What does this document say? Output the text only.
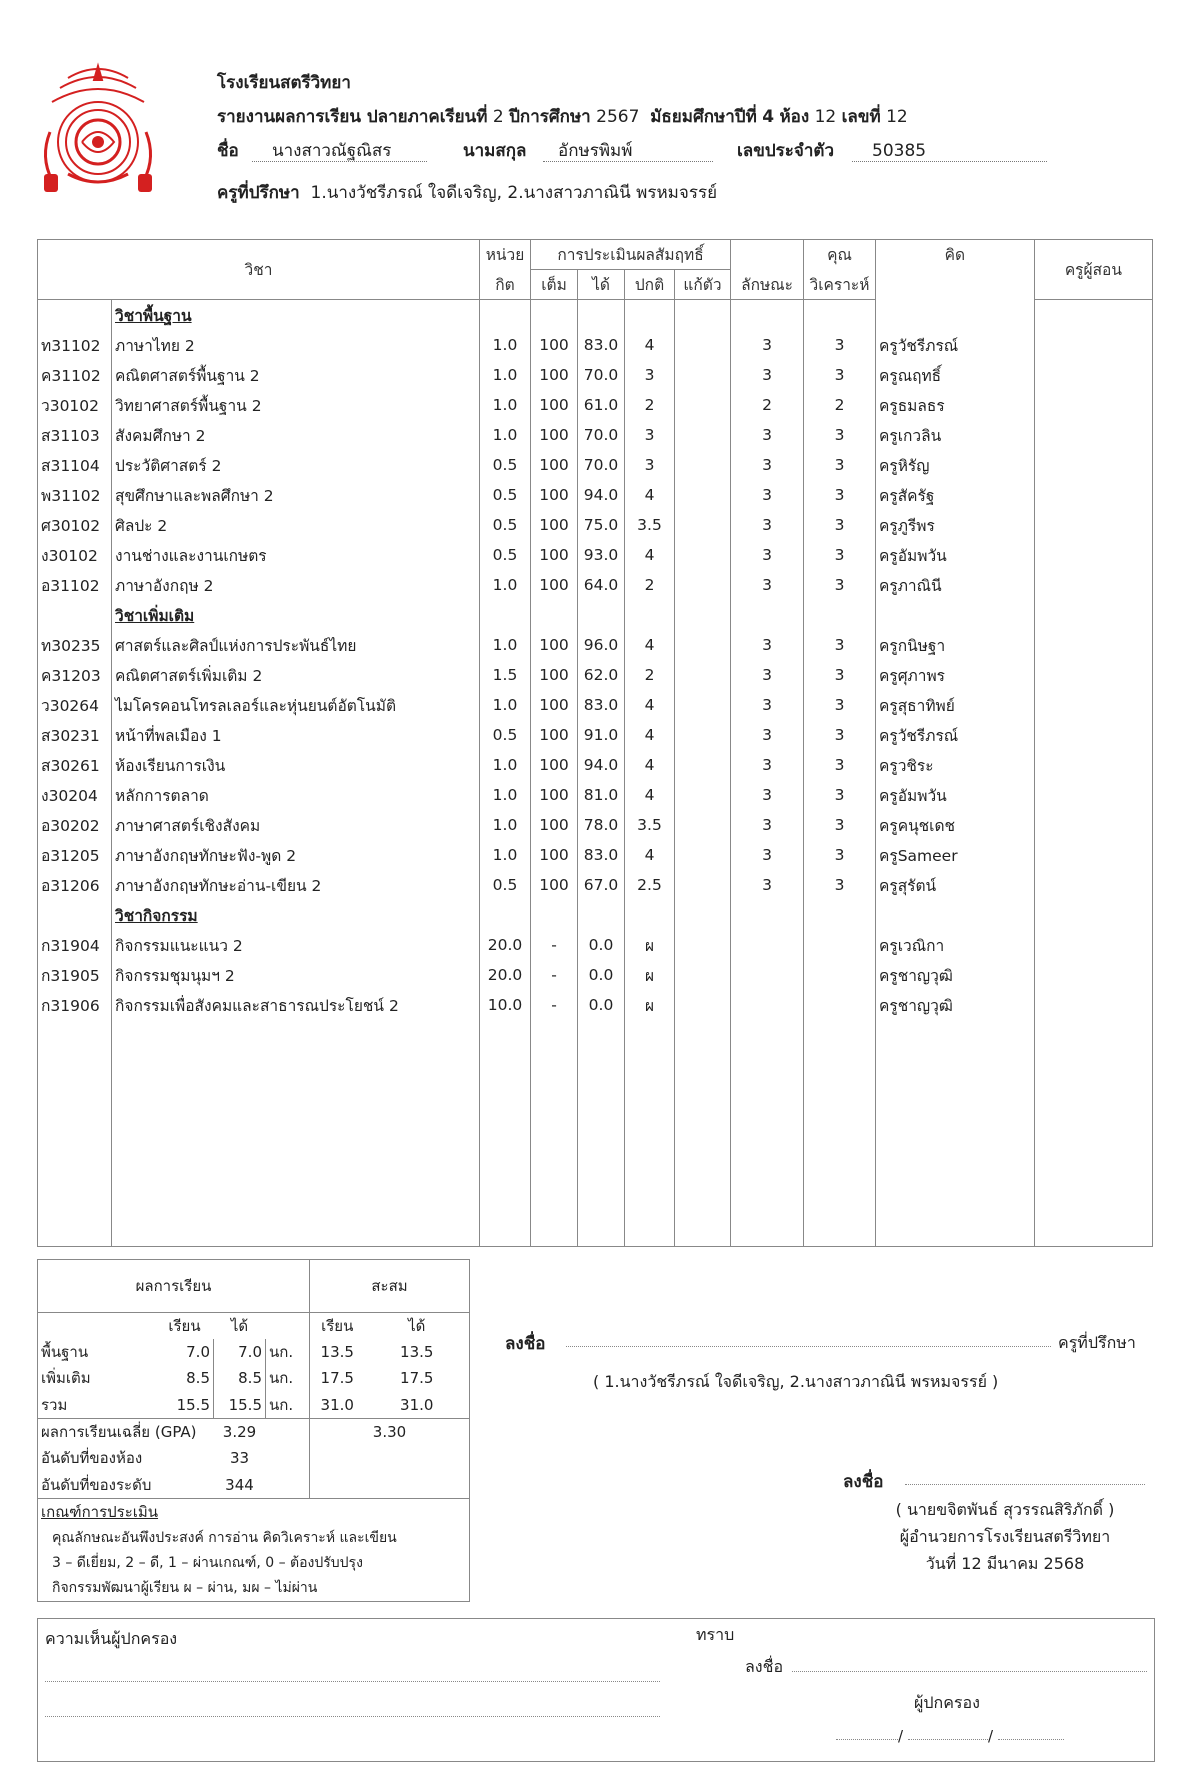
โรงเรียนสตรีวิทยา
รายงานผลการเรียน ปลายภาคเรียนที่ 2 ปีการศึกษา 2567 มัธยมศึกษาปีที่ 4 ห้อง 12 เลขที่ 12
ชื่อ	นางสาวณัฐณิสร	นามสกุล	อักษรพิมพ์	เลขประจำตัว	50385
ครูที่ปรึกษา 1.นางวัชรีภรณ์ ใจดีเจริญ, 2.นางสาวภาณินี พรหมจรรย์
วิชา		หน่วย	การประเมินผลสัมฤทธิ์					คุณ	คิด	ครูผู้สอน
		กิต	เต็ม	ได้	ปกติ	แก้ตัว	ลักษณะ	วิเคราะห์		
	วิชาพื้นฐาน									
ท31102	ภาษาไทย 2	1.0	100	83.0	4		3	3	ครูวัชรีภรณ์	
ค31102	คณิตศาสตร์พื้นฐาน 2	1.0	100	70.0	3		3	3	ครูณฤทธิ์	
ว30102	วิทยาศาสตร์พื้นฐาน 2	1.0	100	61.0	2		2	2	ครูธมลธร	
ส31103	สังคมศึกษา 2	1.0	100	70.0	3		3	3	ครูเกวลิน	
ส31104	ประวัติศาสตร์ 2	0.5	100	70.0	3		3	3	ครูหิรัญ	
พ31102	สุขศึกษาและพลศึกษา 2	0.5	100	94.0	4		3	3	ครูสัครัฐ	
ศ30102	ศิลปะ 2	0.5	100	75.0	3.5		3	3	ครูภูรีพร	
ง30102	งานช่างและงานเกษตร	0.5	100	93.0	4		3	3	ครูอัมพวัน	
อ31102	ภาษาอังกฤษ 2	1.0	100	64.0	2		3	3	ครูภาณินี	
	วิชาเพิ่มเติม									
ท30235	ศาสตร์และศิลป์แห่งการประพันธ์ไทย	1.0	100	96.0	4		3	3	ครูกนิษฐา	
ค31203	คณิตศาสตร์เพิ่มเติม 2	1.5	100	62.0	2		3	3	ครูศุภาพร	
ว30264	ไมโครคอนโทรลเลอร์และหุ่นยนต์อัตโนมัติ	1.0	100	83.0	4		3	3	ครูสุธาทิพย์	
ส30231	หน้าที่พลเมือง 1	0.5	100	91.0	4		3	3	ครูวัชรีภรณ์	
ส30261	ห้องเรียนการเงิน	1.0	100	94.0	4		3	3	ครูวชิระ	
ง30204	หลักการตลาด	1.0	100	81.0	4		3	3	ครูอัมพวัน	
อ30202	ภาษาศาสตร์เชิงสังคม	1.0	100	78.0	3.5		3	3	ครูคนุชเดช	
อ31205	ภาษาอังกฤษทักษะฟัง-พูด 2	1.0	100	83.0	4		3	3	ครูSameer	
อ31206	ภาษาอังกฤษทักษะอ่าน-เขียน 2	0.5	100	67.0	2.5		3	3	ครูสุรัตน์	
	วิชากิจกรรม									
ก31904	กิจกรรมแนะแนว 2	20.0	-	0.0	ผ				ครูเวณิกา	
ก31905	กิจกรรมชุมนุมฯ 2	20.0	-	0.0	ผ				ครูชาญวุฒิ	
ก31906	กิจกรรมเพื่อสังคมและสาธารณประโยชน์ 2	10.0	-	0.0	ผ				ครูชาญวุฒิ	

ผลการเรียน				สะสม	
	เรียน	ได้		เรียน	ได้
พื้นฐาน	7.0	7.0	นก.	13.5	13.5
เพิ่มเติม	8.5	8.5	นก.	17.5	17.5
รวม	15.5	15.5	นก.	31.0	31.0
ผลการเรียนเฉลี่ย (GPA)		3.29		3.30	
อันดับที่ของห้อง		33			
อันดับที่ของระดับ		344			
เกณฑ์การประเมิน					
คุณลักษณะอันพึงประสงค์ การอ่าน คิดวิเคราะห์ และเขียน					
3 – ดีเยี่ยม, 2 – ดี, 1 – ผ่านเกณฑ์, 0 – ต้องปรับปรุง					
กิจกรรมพัฒนาผู้เรียน ผ – ผ่าน, มผ – ไม่ผ่าน					
ลงชื่อ	ครูที่ปรึกษา
( 1.นางวัชรีภรณ์ ใจดีเจริญ, 2.นางสาวภาณินี พรหมจรรย์ )
ลงชื่อ
( นายขจิตพันธ์ สุวรรณสิริภักดิ์ )
ผู้อำนวยการโรงเรียนสตรีวิทยา
วันที่ 12 มีนาคม 2568
ความเห็นผู้ปกครอง	ทราบ
ลงชื่อ
ผู้ปกครอง
/	/
